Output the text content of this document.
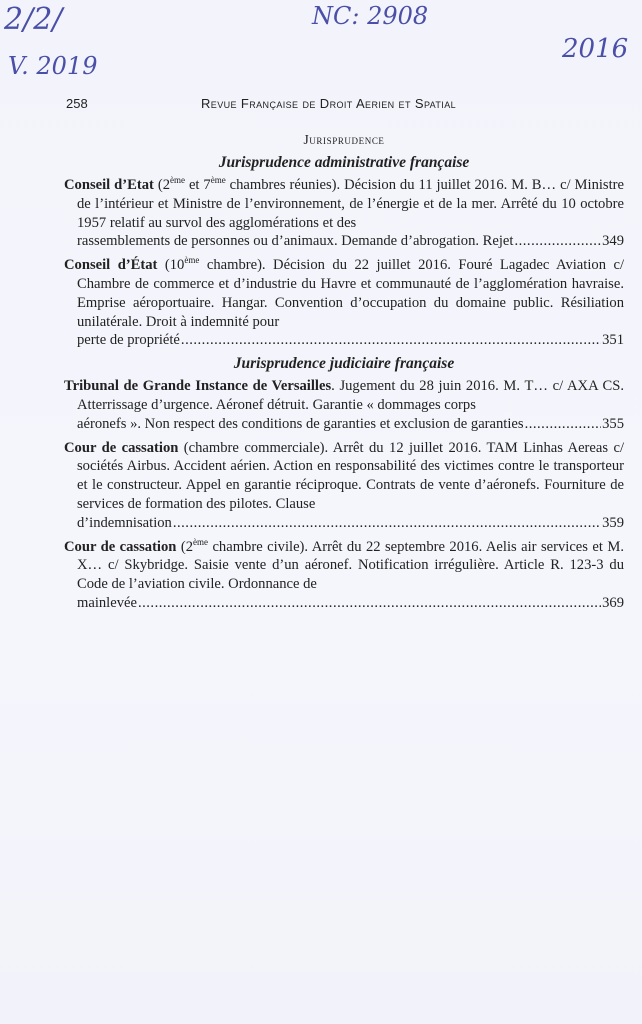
2/2/
V. 2019
NC: 2908
2016
258	Revue Française de Droit Aerien et Spatial
Jurisprudence
Jurisprudence administrative française
Conseil d’Etat (2ème et 7ème chambres réunies). Décision du 11 juillet 2016. M. B… c/ Ministre de l’intérieur et Ministre de l’environnement, de l’énergie et de la mer. Arrêté du 10 octobre 1957 relatif au survol des agglomérations et des
rassemblements de personnes ou d’animaux. Demande d’abrogation. Rejet .....	349
Conseil d’État (10ème chambre). Décision du 22 juillet 2016. Fouré Lagadec Aviation c/ Chambre de commerce et d’industrie du Havre et communauté de l’agglomération havraise. Emprise aéroportuaire. Hangar. Convention d’occupation du domaine public. Résiliation unilatérale. Droit à indemnité pour
perte de propriété .....	351
Jurisprudence judiciaire française
Tribunal de Grande Instance de Versailles. Jugement du 28 juin 2016. M. T… c/ AXA CS. Atterrissage d’urgence. Aéronef détruit. Garantie « dommages corps
aéronefs ». Non respect des conditions de garanties et exclusion de garanties .....	355
Cour de cassation (chambre commerciale). Arrêt du 12 juillet 2016. TAM Linhas Aereas c/ sociétés Airbus. Accident aérien. Action en responsabilité des victimes contre le transporteur et le constructeur. Appel en garantie réciproque. Contrats de vente d’aéronefs. Fourniture de services de formation des pilotes. Clause
d’indemnisation .....	359
Cour de cassation (2ème chambre civile). Arrêt du 22 septembre 2016. Aelis air services et M. X… c/ Skybridge. Saisie vente d’un aéronef. Notification irrégulière. Article R. 123-3 du Code de l’aviation civile. Ordonnance de
mainlevée .....	369
